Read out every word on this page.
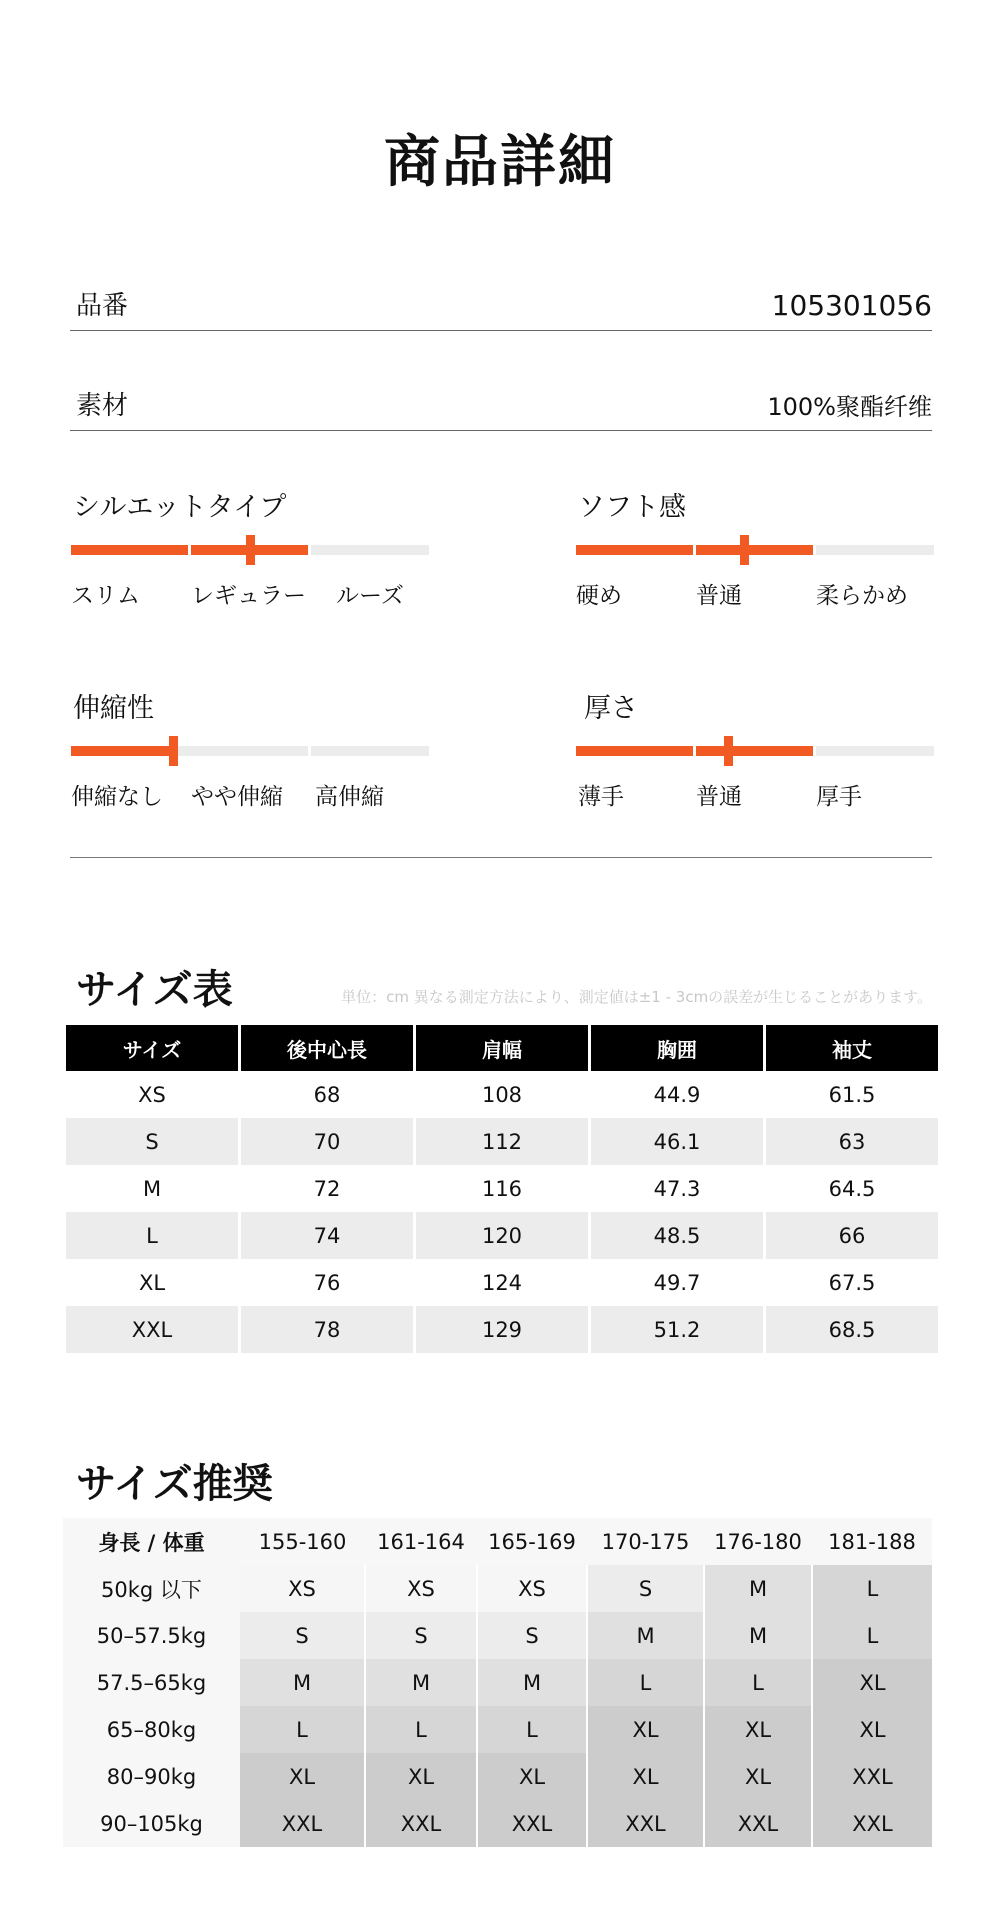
商品詳細
品番	105301056
素材	100%聚酯纤维
シルエットタイプ
スリム レギュラー ルーズ
ソフト感
硬め	普通	柔らかめ
伸縮性
伸縮なし やや伸縮 高伸縮
厚さ
薄手	普通	厚手
サイズ表	単位：cm 異なる測定方法により、測定値は±1 - 3cmの誤差が生じることがあります。
サイズ	後中心長	肩幅	胸囲	袖丈
XS	68	108	44.9	61.5
S	70	112	46.1	63
M	72	116	47.3	64.5
L	74	120	48.5	66
XL	76	124	49.7	67.5
XXL	78	129	51.2	68.5
サイズ推奨
身長 / 体重	155-160	161-164	165-169	170-175	176-180	181-188
50kg 以下	XS	XS	XS	S	M	L
50–57.5kg	S	S	S	M	M	L
57.5–65kg	M	M	M	L	L	XL
65–80kg	L	L	L	XL	XL	XL
80–90kg	XL	XL	XL	XL	XL	XXL
90–105kg	XXL	XXL	XXL	XXL	XXL	XXL
